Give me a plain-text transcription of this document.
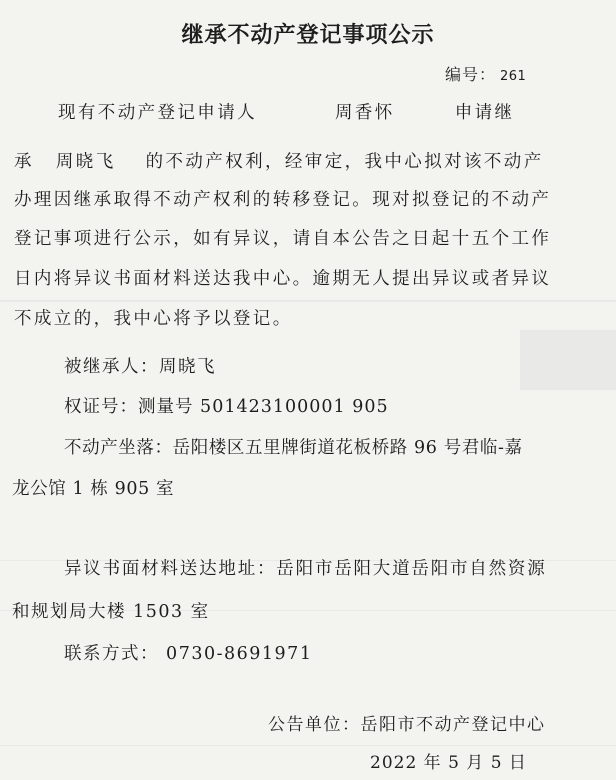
继承不动产登记事项公示
编号： 261
现有不动产登记申请人	周香怀	申请继
承 周晓飞 的不动产权利，经审定，我中心拟对该不动产
办理因继承取得不动产权利的转移登记。现对拟登记的不动产
登记事项进行公示，如有异议，请自本公告之日起十五个工作
日内将异议书面材料送达我中心。逾期无人提出异议或者异议
不成立的，我中心将予以登记。
被继承人：周晓飞
权证号：测量号 501423100001 905
不动产坐落：岳阳楼区五里牌街道花板桥路 96 号君临-嘉
龙公馆 1 栋 905 室
异议书面材料送达地址：岳阳市岳阳大道岳阳市自然资源
和规划局大楼 1503 室
联系方式： 0730-8691971
公告单位：岳阳市不动产登记中心
2022 年 5 月 5 日
